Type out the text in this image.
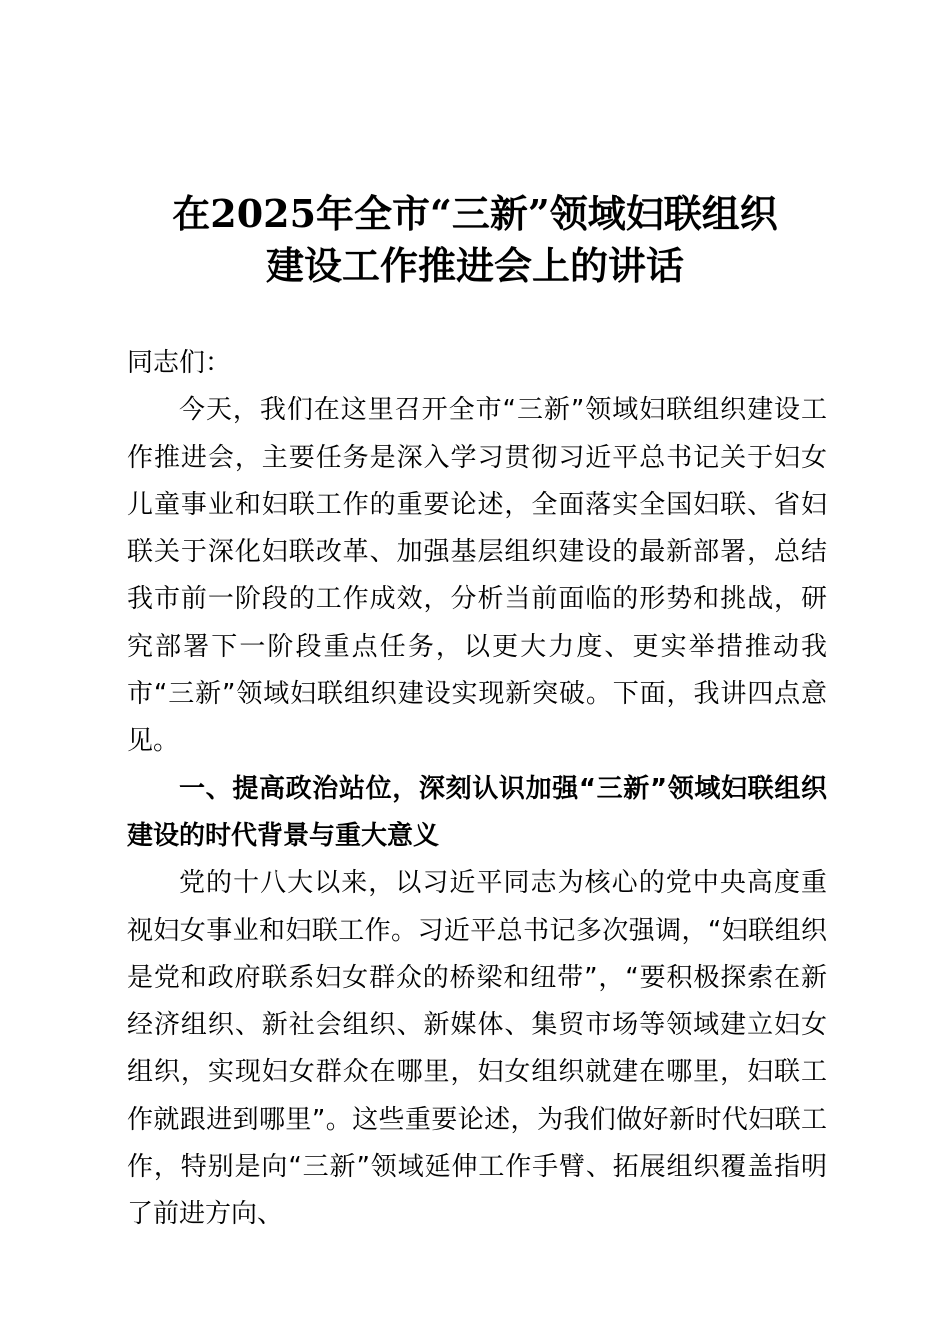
在2025年全市“三新”领域妇联组织
建设工作推进会上的讲话

同志们：

今天，我们在这里召开全市“三新”领域妇联组织建设工作推进会，主要任务是深入学习贯彻习近平总书记关于妇女儿童事业和妇联工作的重要论述，全面落实全国妇联、省妇联关于深化妇联改革、加强基层组织建设的最新部署，总结我市前一阶段的工作成效，分析当前面临的形势和挑战，研究部署下一阶段重点任务，以更大力度、更实举措推动我市“三新”领域妇联组织建设实现新突破。下面，我讲四点意见。

一、提高政治站位，深刻认识加强“三新”领域妇联组织建设的时代背景与重大意义

党的十八大以来，以习近平同志为核心的党中央高度重视妇女事业和妇联工作。习近平总书记多次强调，“妇联组织是党和政府联系妇女群众的桥梁和纽带”，“要积极探索在新经济组织、新社会组织、新媒体、集贸市场等领域建立妇女组织，实现妇女群众在哪里，妇女组织就建在哪里，妇联工作就跟进到哪里”。这些重要论述，为我们做好新时代妇联工作，特别是向“三新”领域延伸工作手臂、拓展组织覆盖指明了前进方向、
